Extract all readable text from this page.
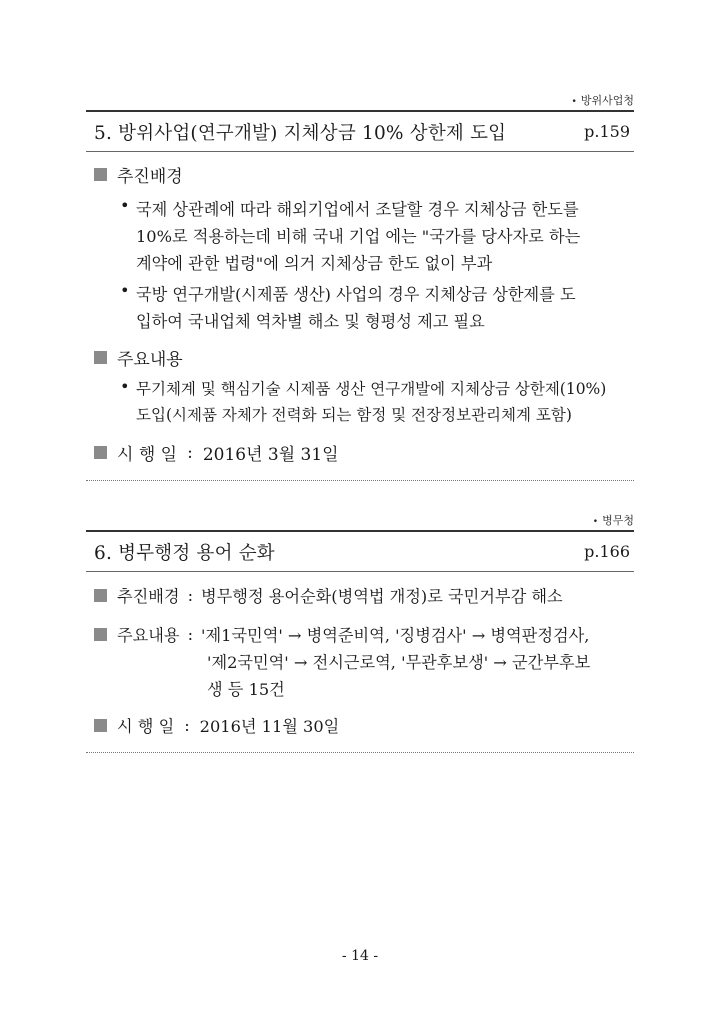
• 방위사업청
5. 방위사업(연구개발) 지체상금 10% 상한제 도입	p.159
추진배경
• 국제 상관례에 따라 해외기업에서 조달할 경우 지체상금 한도를
10%로 적용하는데 비해 국내 기업 에는 "국가를 당사자로 하는
계약에 관한 법령"에 의거 지체상금 한도 없이 부과
• 국방 연구개발(시제품 생산) 사업의 경우 지체상금 상한제를 도
입하여 국내업체 역차별 해소 및 형평성 제고 필요
주요내용
• 무기체계 및 핵심기술 시제품 생산 연구개발에 지체상금 상한제(10%)
도입(시제품 자체가 전력화 되는 함정 및 전장정보관리체계 포함)
시 행 일 : 2016년 3월 31일
• 병무청
6. 병무행정 용어 순화	p.166
추진배경 : 병무행정 용어순화(병역법 개정)로 국민거부감 해소
주요내용 : '제1국민역' → 병역준비역, '징병검사' → 병역판정검사,
'제2국민역' → 전시근로역, '무관후보생' → 군간부후보
생 등 15건
시 행 일 : 2016년 11월 30일
- 14 -
